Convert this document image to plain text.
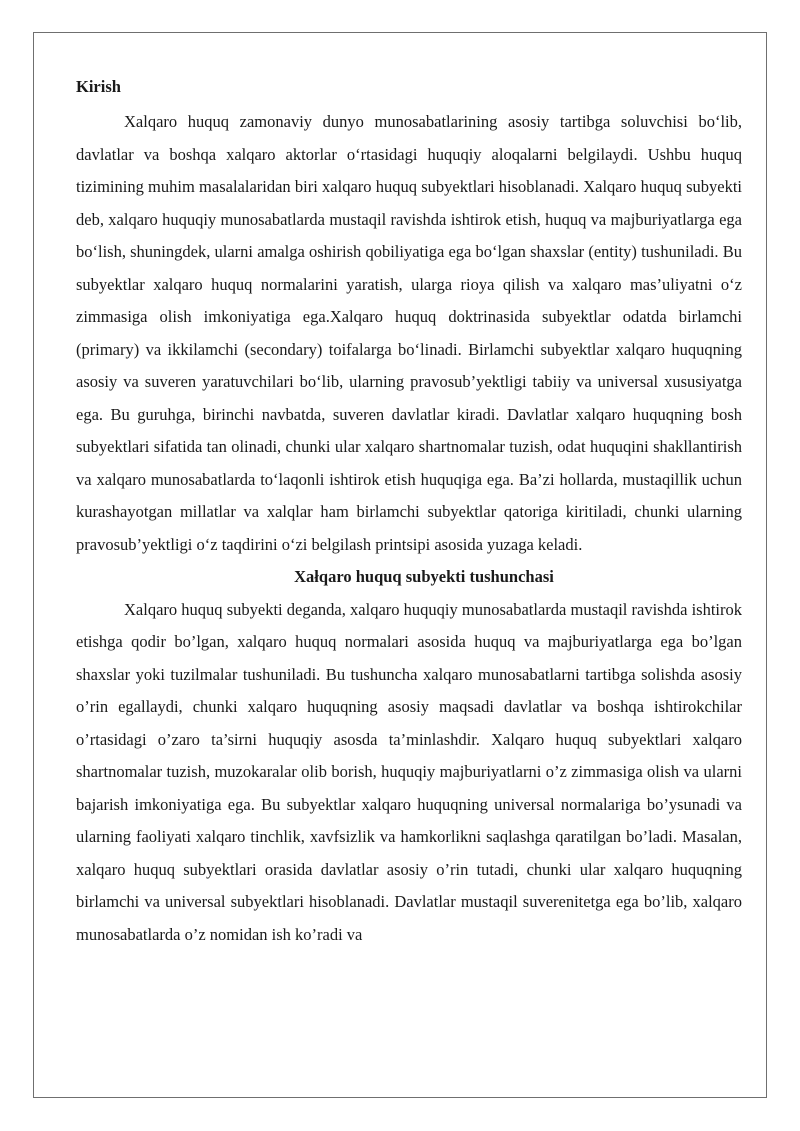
Kirish

Xalqaro huquq zamonaviy dunyo munosabatlarining asosiy tartibga soluvchisi bo‘lib, davlatlar va boshqa xalqaro aktorlar o‘rtasidagi huquqiy aloqalarni belgilaydi. Ushbu huquq tizimining muhim masalalaridan biri xalqaro huquq subyektlari hisoblanadi. Xalqaro huquq subyekti deb, xalqaro huquqiy munosabatlarda mustaqil ravishda ishtirok etish, huquq va majburiyatlarga ega bo‘lish, shuningdek, ularni amalga oshirish qobiliyatiga ega bo‘lgan shaxslar (entity) tushuniladi. Bu subyektlar xalqaro huquq normalarini yaratish, ularga rioya qilish va xalqaro mas’uliyatni o‘z zimmasiga olish imkoniyatiga ega.Xalqaro huquq doktrinasida subyektlar odatda birlamchi (primary) va ikkilamchi (secondary) toifalarga bo‘linadi. Birlamchi subyektlar xalqaro huquqning asosiy va suveren yaratuvchilari bo‘lib, ularning pravosub’yektligi tabiiy va universal xususiyatga ega. Bu guruhga, birinchi navbatda, suveren davlatlar kiradi. Davlatlar xalqaro huquqning bosh subyektlari sifatida tan olinadi, chunki ular xalqaro shartnomalar tuzish, odat huquqini shakllantirish va xalqaro munosabatlarda to‘laqonli ishtirok etish huquqiga ega. Ba’zi hollarda, mustaqillik uchun kurashayotgan millatlar va xalqlar ham birlamchi subyektlar qatoriga kiritiladi, chunki ularning pravosub’yektligi o‘z taqdirini o‘zi belgilash printsipi asosida yuzaga keladi.

Xałqaro huquq subyekti tushunchasi

Xalqaro huquq subyekti deganda, xalqaro huquqiy munosabatlarda mustaqil ravishda ishtirok etishga qodir bo’lgan, xalqaro huquq normalari asosida huquq va majburiyatlarga ega bo’lgan shaxslar yoki tuzilmalar tushuniladi. Bu tushuncha xalqaro munosabatlarni tartibga solishda asosiy o’rin egallaydi, chunki xalqaro huquqning asosiy maqsadi davlatlar va boshqa ishtirokchilar o’rtasidagi o’zaro ta’sirni huquqiy asosda ta’minlashdir. Xalqaro huquq subyektlari xalqaro shartnomalar tuzish, muzokaralar olib borish, huquqiy majburiyatlarni o’z zimmasiga olish va ularni bajarish imkoniyatiga ega. Bu subyektlar xalqaro huquqning universal normalariga bo’ysunadi va ularning faoliyati xalqaro tinchlik, xavfsizlik va hamkorlikni saqlashga qaratilgan bo’ladi. Masalan, xalqaro huquq subyektlari orasida davlatlar asosiy o’rin tutadi, chunki ular xalqaro huquqning birlamchi va universal subyektlari hisoblanadi. Davlatlar mustaqil suverenitetga ega bo’lib, xalqaro munosabatlarda o’z nomidan ish ko’radi va
